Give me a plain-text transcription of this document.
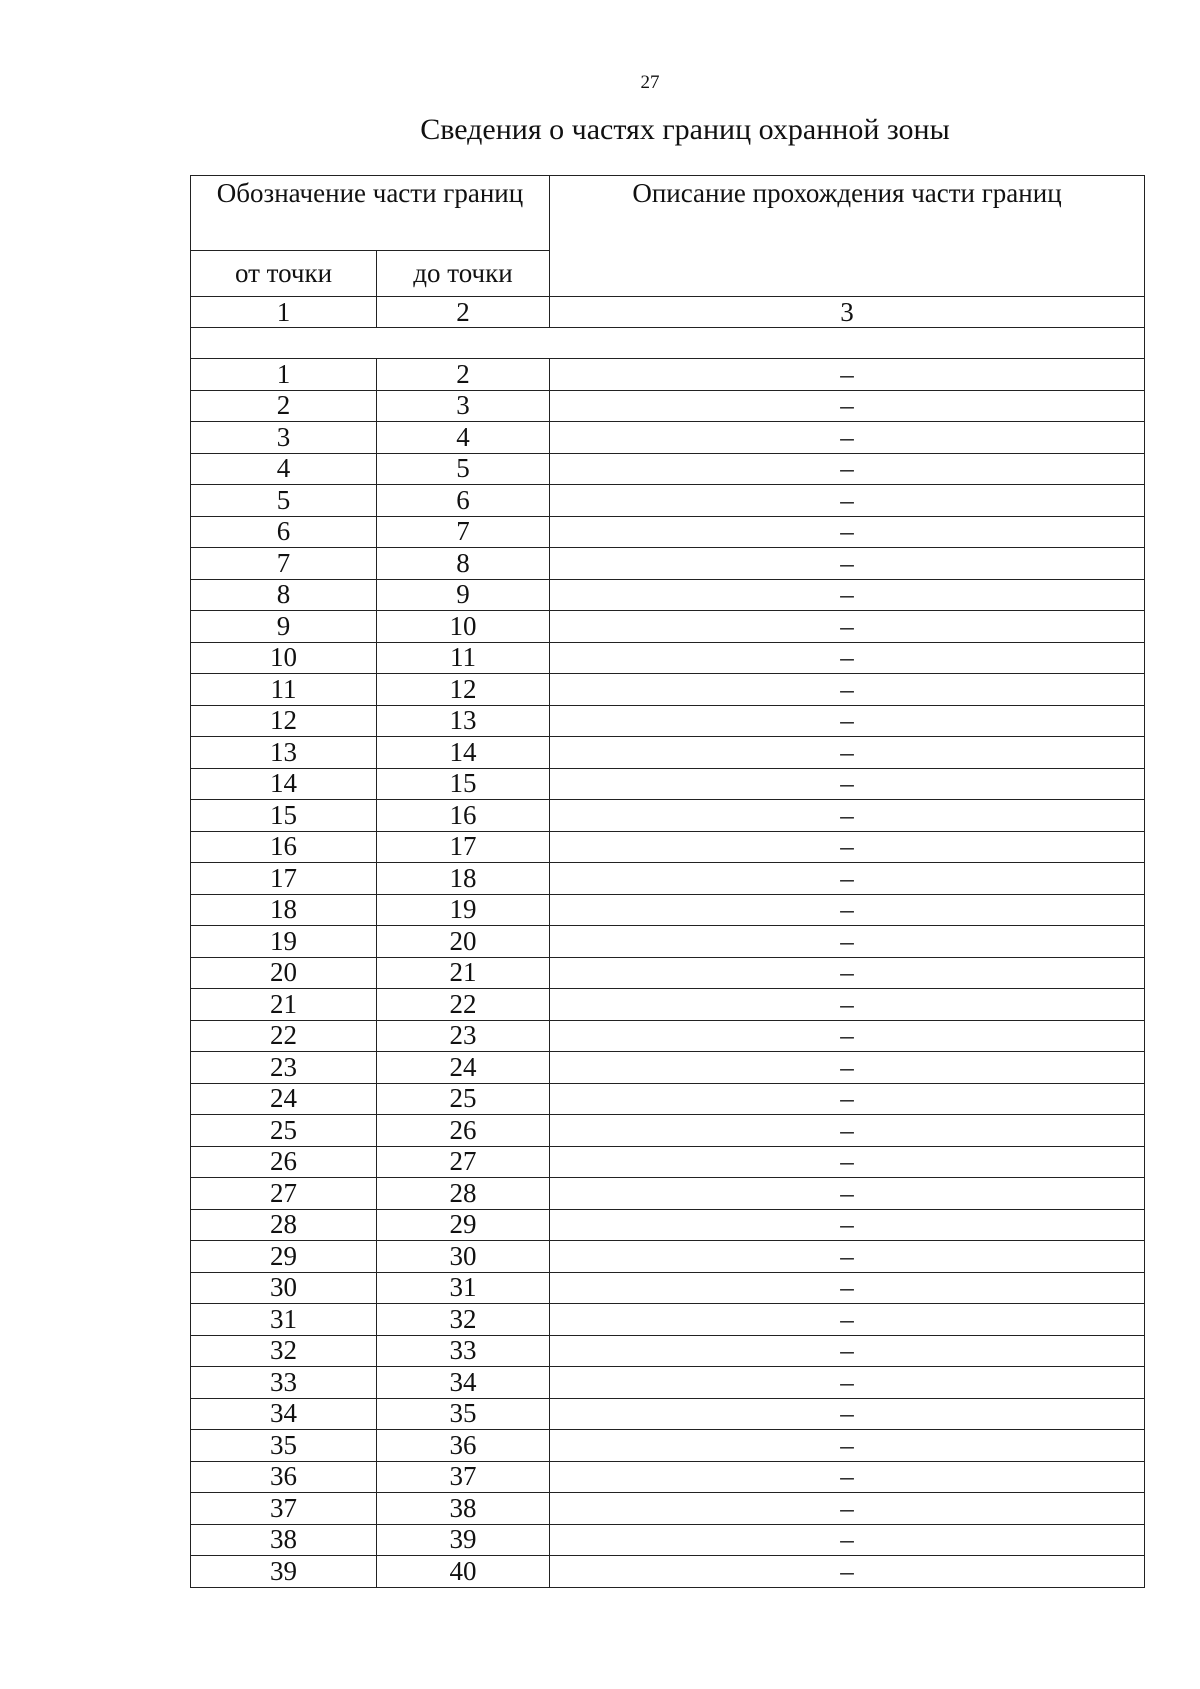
27
Сведения о частях границ охранной зоны
Обозначение части границ		Описание прохождения части границ
от точки	до точки	
1	2	3

1	2	–
2	3	–
3	4	–
4	5	–
5	6	–
6	7	–
7	8	–
8	9	–
9	10	–
10	11	–
11	12	–
12	13	–
13	14	–
14	15	–
15	16	–
16	17	–
17	18	–
18	19	–
19	20	–
20	21	–
21	22	–
22	23	–
23	24	–
24	25	–
25	26	–
26	27	–
27	28	–
28	29	–
29	30	–
30	31	–
31	32	–
32	33	–
33	34	–
34	35	–
35	36	–
36	37	–
37	38	–
38	39	–
39	40	–
